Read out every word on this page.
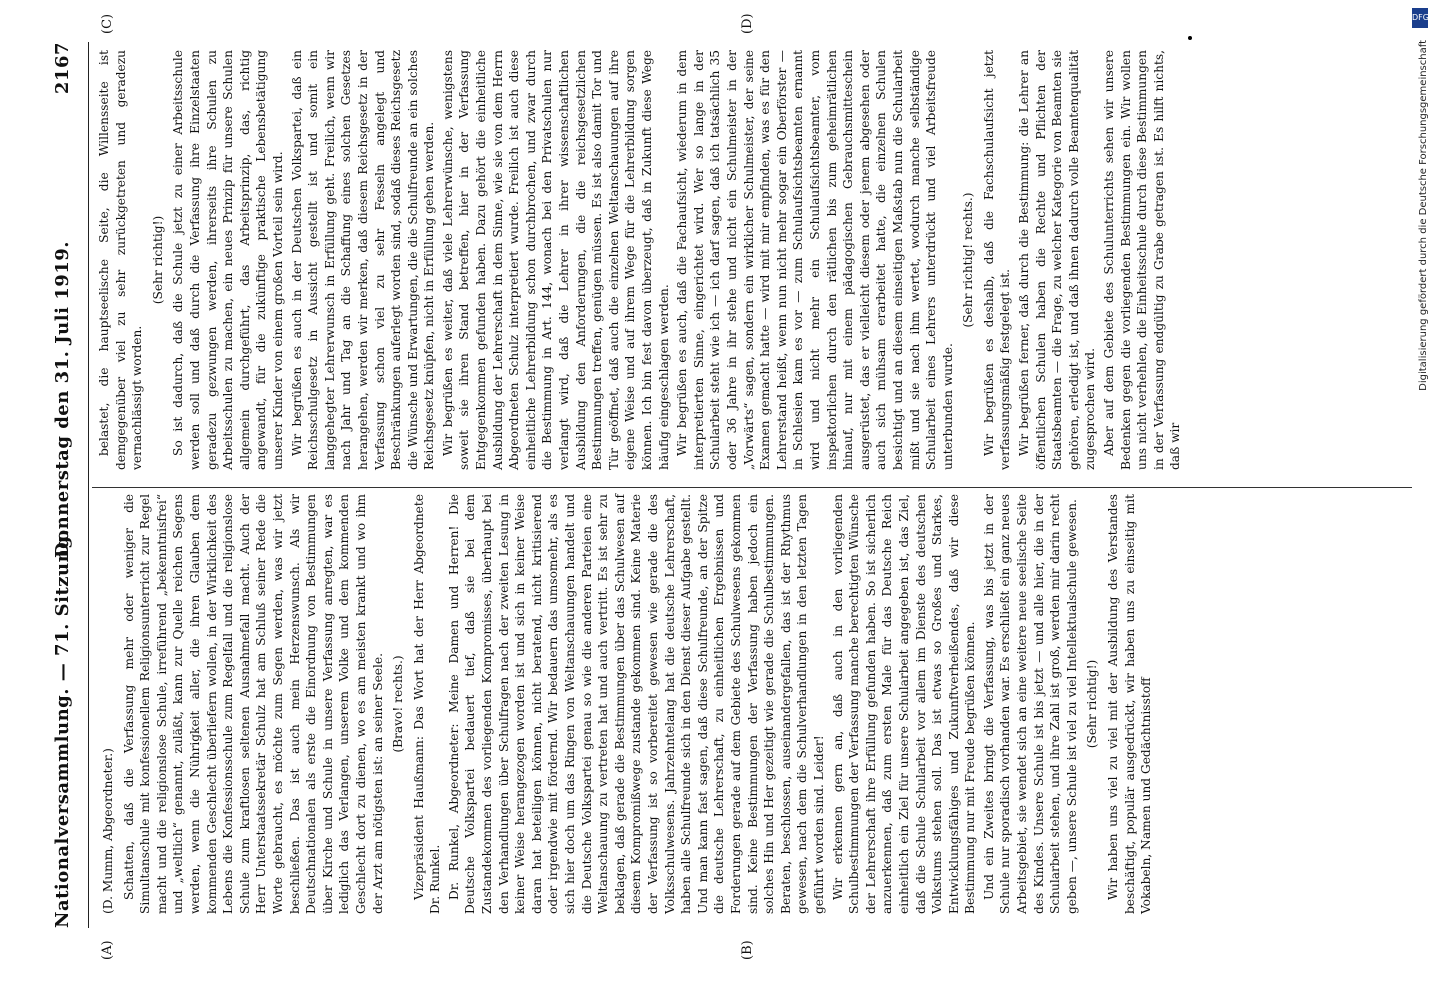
Nationalversammlung. — 71. Sitzung.
Donnerstag den 31. Juli 1919.
2167
(A)	(B)
(C)	(D)

(D. Mumm, Abgeordneter.) Schatten, daß die Verfassung mehr oder weniger die Simultanschule mit konfessionellem Religionsunterricht zur Regel macht und die religionslose Schule, irreführend „bekenntnisfrei“ und „weltlich“ genannt, zuläßt, kann zur Quelle reichen Segens werden, wenn die Nührigkeit aller, die ihren Glauben dem kommenden Geschlecht überliefern wollen, in der Wirklichkeit des Lebens die Konfessionsschule zum Regelfall und die religionslose Schule zum kraftlosen seltenen Ausnahmefall macht. Auch der Herr Unterstaatssekretär Schulz hat am Schluß seiner Rede die Worte gebraucht, es möchte zum Segen werden, was wir jetzt beschließen. Das ist auch mein Herzenswunsch. Als wir Deutschnationalen als erste die Einordnung von Bestimmungen über Kirche und Schule in unsere Verfassung anregten, war es lediglich das Verlangen, unserem Volke und dem kommenden Geschlecht dort zu dienen, wo es am meisten krankt und wo ihm der Arzt am nötigsten ist: an seiner Seele. (Bravo! rechts.) Vizepräsident Haußmann: Das Wort hat der Herr Abgeordnete Dr. Runkel. Dr. Runkel, Abgeordneter: Meine Damen und Herren! Die Deutsche Volkspartei bedauert tief, daß sie bei dem Zustandekommen des vorliegenden Kompromisses, überhaupt bei den Verhandlungen über Schulfragen nach der zweiten Lesung in keiner Weise herangezogen worden ist und sich in keiner Weise daran hat beteiligen können, nicht beratend, nicht kritisierend oder irgendwie mit fördernd. Wir bedauern das umsomehr, als es sich hier doch um das Ringen von Weltanschauungen handelt und die Deutsche Volkspartei genau so wie die anderen Parteien eine Weltanschauung zu vertreten hat und auch vertritt. Es ist sehr zu beklagen, daß gerade die Bestimmungen über das Schulwesen auf diesem Kompromißwege zustande gekommen sind. Keine Materie der Verfassung ist so vorbereitet gewesen wie gerade die des Volksschulwesens. Jahrzehntelang hat die deutsche Lehrerschaft, haben alle Schulfreunde sich in den Dienst dieser Aufgabe gestellt. Und man kann fast sagen, daß diese Schulfreunde, an der Spitze die deutsche Lehrerschaft, zu einheitlichen Ergebnissen und Forderungen gerade auf dem Gebiete des Schulwesens gekommen sind. Keine Bestimmungen der Verfassung haben jedoch ein solches Hin und Her gezeitigt wie gerade die Schulbestimmungen. Beraten, beschlossen, auseinandergefallen, das ist der Rhythmus gewesen, nach dem die Schulverhandlungen in den letzten Tagen geführt worden sind. Leider! Wir erkennen gern an, daß auch in den vorliegenden Schulbestimmungen der Verfassung manche berechtigten Wünsche der Lehrerschaft ihre Erfüllung gefunden haben. So ist sicherlich anzuerkennen, daß zum ersten Male für das Deutsche Reich einheitlich ein Ziel für unsere Schularbeit angegeben ist, das Ziel, daß die Schule Schularbeit vor allem im Dienste des deutschen Volkstums stehen soll. Das ist etwas so Großes und Starkes, Entwicklungsfähiges und Zukunftverheißendes, daß wir diese Bestimmung nur mit Freude begrüßen können. Und ein Zweites bringt die Verfassung, was bis jetzt in der Schule nur sporadisch vorhanden war. Es erschließt ein ganz neues Arbeitsgebiet, sie wendet sich an eine weitere neue seelische Seite des Kindes. Unsere Schule ist bis jetzt — und alle hier, die in der Schularbeit stehen, und ihre Zahl ist groß, werden mir darin recht geben —, unsere Schule ist viel zu viel Intellektualschule gewesen. (Sehr richtig!) Wir haben uns viel zu viel mit der Ausbildung des Verstandes beschäftigt, populär ausgedrückt, wir haben uns zu einseitig mit Vokabeln, Namen und Gedächtnisstoff

belastet, die hauptseelische Seite, die Willensseite ist demgegenüber viel zu sehr zurückgetreten und geradezu vernachlässigt worden.

(Sehr richtig!) So ist dadurch, daß die Schule jetzt zu einer Arbeitsschule werden soll und daß durch die Verfassung ihre Einzelstaaten geradezu gezwungen werden, ihrerseits ihre Schulen zu Arbeitsschulen zu machen, ein neues Prinzip für unsere Schulen allgemein durchgeführt, das Arbeitsprinzip, das, richtig angewandt, für die zukünftige praktische Lebensbetätigung unserer Kinder von einem großen Vorteil sein wird. Wir begrüßen es auch in der Deutschen Volkspartei, daß ein Reichsschulgesetz in Aussicht gestellt ist und somit ein langgehegter Lehrerwunsch in Erfüllung geht. Freilich, wenn wir nach Jahr und Tag an die Schaffung eines solchen Gesetzes herangehen, werden wir merken, daß diesem Reichsgesetz in der Verfassung schon viel zu sehr Fesseln angelegt und Beschränkungen auferlegt worden sind, sodaß dieses Reichsgesetz die Wünsche und Erwartungen, die die Schulfreunde an ein solches Reichsgesetz knüpfen, nicht in Erfüllung gehen werden. Wir begrüßen es weiter, daß viele Lehrerwünsche, wenigstens soweit sie ihren Stand betreffen, hier in der Verfassung Entgegenkommen gefunden haben. Dazu gehört die einheitliche Ausbildung der Lehrerschaft in dem Sinne, wie sie von dem Herrn Abgeordneten Schulz interpretiert wurde. Freilich ist auch diese einheitliche Lehrerbildung schon durchbrochen, und zwar durch die Bestimmung in Art. 144, wonach bei den Privatschulen nur verlangt wird, daß die Lehrer in ihrer wissenschaftlichen Ausbildung den Anforderungen, die die reichsgesetzlichen Bestimmungen treffen, genügen müssen. Es ist also damit Tor und Tür geöffnet, daß auch die einzelnen Weltanschauungen auf ihre eigene Weise und auf ihrem Wege für die Lehrerbildung sorgen können. Ich bin fest davon überzeugt, daß in Zukunft diese Wege häufig eingeschlagen werden. Wir begrüßen es auch, daß die Fachaufsicht, wiederum in dem interpretierten Sinne, eingerichtet wird. Wer so lange in der Schularbeit steht wie ich — ich darf sagen, daß ich tatsächlich 35 oder 36 Jahre in ihr stehe und nicht ein Schulmeister in der „Vorwärts“ sagen, sondern ein wirklicher Schulmeister, der seine Examen gemacht hatte — wird mit mir empfinden, was es für den Lehrerstand heißt, wenn nun nicht mehr sogar ein Oberförster — in Schlesien kam es vor — zum Schulaufsichtsbeamten ernannt wird und nicht mehr ein Schulaufsichtsbeamter, vom inspektorlichen durch den rätlichen bis zum geheimrätlichen hinauf, nur mit einem pädagogischen Gebrauchsmitteschein ausgerüstet, das er vielleicht diesem oder jenem abgesehen oder auch sich mühsam erarbeitet hatte, die einzelnen Schulen besichtigt und an diesem einseitigen Maßstab nun die Schularbeit mißt und sie nach ihm wertet, wodurch manche selbständige Schularbeit eines Lehrers unterdrückt und viel Arbeitsfreude unterbunden wurde.

(Sehr richtig! rechts.) Wir begrüßen es deshalb, daß die Fachschulaufsicht jetzt verfassungsmäßig festgelegt ist. Wir begrüßen ferner, daß durch die Bestimmung: die Lehrer an öffentlichen Schulen haben die Rechte und Pflichten der Staatsbeamten — die Frage, zu welcher Kategorie von Beamten sie gehören, erledigt ist, und daß ihnen dadurch volle Beamtenqualität zugesprochen wird. Aber auf dem Gebiete des Schulunterrichts sehen wir unsere Bedenken gegen die vorliegenden Bestimmungen ein. Wir wollen uns nicht verhehlen, die Einheitsschule durch diese Bestimmungen in der Verfassung endgültig zu Grabe getragen ist. Es hilft nichts, daß wir

DFG
Digitalisierung gefördert durch die Deutsche Forschungsgemeinschaft
